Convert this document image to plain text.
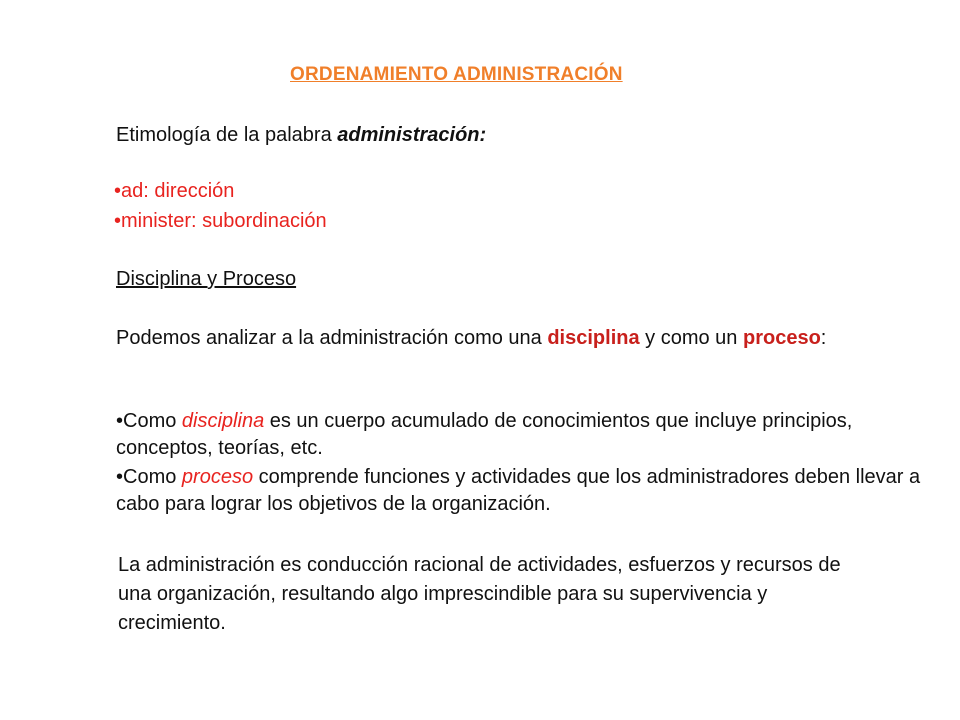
ORDENAMIENTO ADMINISTRACIÓN
Etimología de la palabra administración:
•ad: dirección
•minister: subordinación
Disciplina y Proceso
Podemos analizar a la administración como una disciplina y como un proceso:
•Como disciplina es un cuerpo acumulado de conocimientos que incluye principios, conceptos, teorías, etc.
•Como proceso comprende funciones y actividades que los administradores deben llevar a cabo para lograr los objetivos de la organización.
La administración es conducción racional de actividades, esfuerzos y recursos de una organización, resultando algo imprescindible para su supervivencia y crecimiento.
